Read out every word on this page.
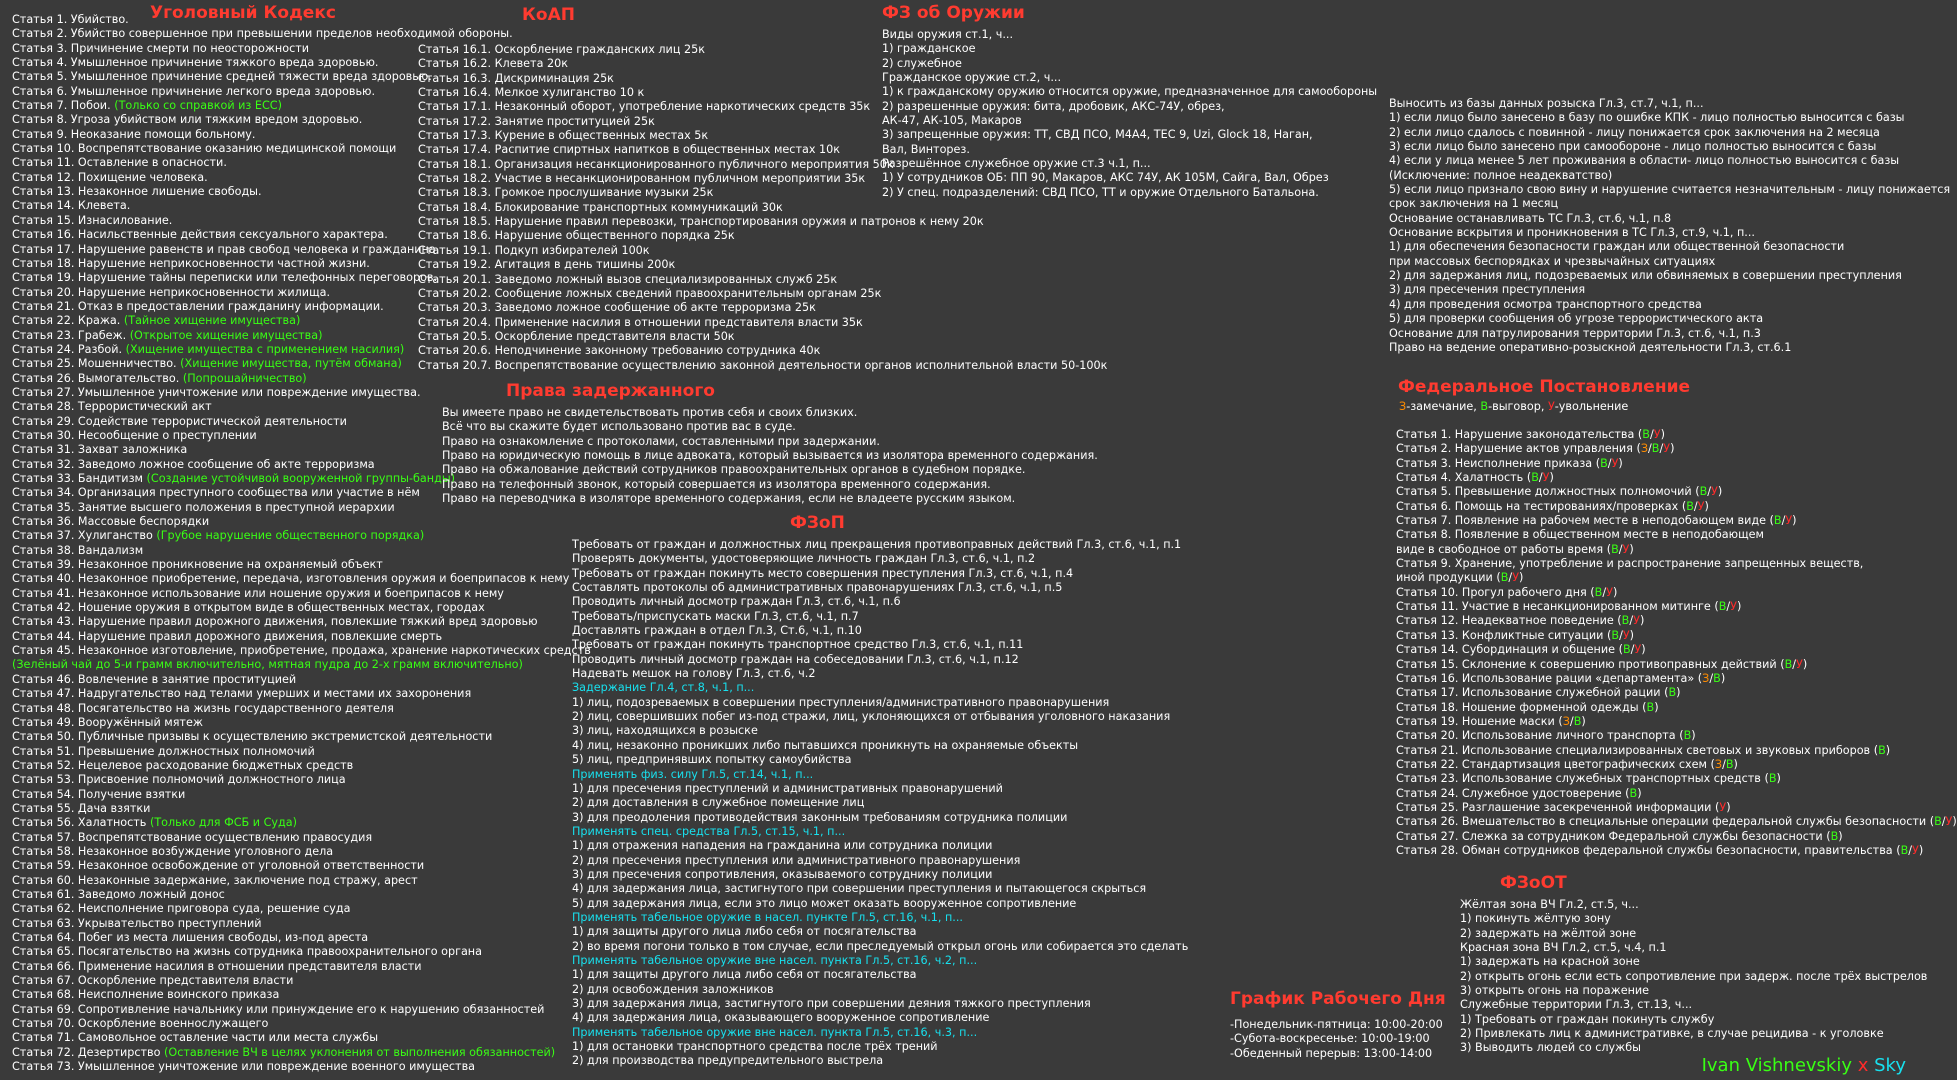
Уголовный Кодекс
Статья 1. Убийство.
Статья 2. Убийство совершенное при превышении пределов необходимой обороны.
Статья 3. Причинение смерти по неосторожности
Статья 4. Умышленное причинение тяжкого вреда здоровью.
Статья 5. Умышленное причинение средней тяжести вреда здоровью.
Статья 6. Умышленное причинение легкого вреда здоровью.
Статья 7. Побои. (Только со справкой из ЕСС)
Статья 8. Угроза убийством или тяжким вредом здоровью.
Статья 9. Неоказание помощи больному.
Статья 10. Воспрепятствование оказанию медицинской помощи
Статья 11. Оставление в опасности.
Статья 12. Похищение человека.
Статья 13. Незаконное лишение свободы.
Статья 14. Клевета.
Статья 15. Изнасилование.
Статья 16. Насильственные действия сексуального характера.
Статья 17. Нарушение равенств и прав свобод человека и гражданина.
Статья 18. Нарушение неприкосновенности частной жизни.
Статья 19. Нарушение тайны переписки или телефонных переговоров.
Статья 20. Нарушение неприкосновенности жилища.
Статья 21. Отказ в предоставлении гражданину информации.
Статья 22. Кража. (Тайное хищение имущества)
Статья 23. Грабеж. (Открытое хищение имущества)
Статья 24. Разбой. (Хищение имущества с применением насилия)
Статья 25. Мошенничество. (Хищение имущества, путём обмана)
Статья 26. Вымогательство. (Попрошайничество)
Статья 27. Умышленное уничтожение или повреждение имущества.
Статья 28. Террористический акт
Статья 29. Содействие террористической деятельности
Статья 30. Несообщение о преступлении
Статья 31. Захват заложника
Статья 32. Заведомо ложное сообщение об акте терроризма
Статья 33. Бандитизм (Создание устойчивой вооруженной группы-банды)
Статья 34. Организация преступного сообщества или участие в нём
Статья 35. Занятие высшего положения в преступной иерархии
Статья 36. Массовые беспорядки
Статья 37. Хулиганство (Грубое нарушение общественного порядка)
Статья 38. Вандализм
Статья 39. Незаконное проникновение на охраняемый объект
Статья 40. Незаконное приобретение, передача, изготовления оружия и боеприпасов к нему
Статья 41. Незаконное использование или ношение оружия и боеприпасов к нему
Статья 42. Ношение оружия в открытом виде в общественных местах, городах
Статья 43. Нарушение правил дорожного движения, повлекшие тяжкий вред здоровью
Статья 44. Нарушение правил дорожного движения, повлекшие смерть
Статья 45. Незаконное изготовление, приобретение, продажа, хранение наркотических средств
(Зелёный чай до 5-и грамм включительно, мятная пудра до 2-х грамм включительно)
Статья 46. Вовлечение в занятие проституцией
Статья 47. Надругательство над телами умерших и местами их захоронения
Статья 48. Посягательство на жизнь государственного деятеля
Статья 49. Вооружённый мятеж
Статья 50. Публичные призывы к осуществлению экстремистской деятельности
Статья 51. Превышение должностных полномочий
Статья 52. Нецелевое расходование бюджетных средств
Статья 53. Присвоение полномочий должностного лица
Статья 54. Получение взятки
Статья 55. Дача взятки
Статья 56. Халатность (Только для ФСБ и Суда)
Статья 57. Воспрепятствование осуществлению правосудия
Статья 58. Незаконное возбуждение уголовного дела
Статья 59. Незаконное освобождение от уголовной ответственности
Статья 60. Незаконные задержание, заключение под стражу, арест
Статья 61. Заведомо ложный донос
Статья 62. Неисполнение приговора суда, решение суда
Статья 63. Укрывательство преступлений
Статья 64. Побег из места лишения свободы, из-под ареста
Статья 65. Посягательство на жизнь сотрудника правоохранительного органа
Статья 66. Применение насилия в отношении представителя власти
Статья 67. Оскорбление представителя власти
Статья 68. Неисполнение воинского приказа
Статья 69. Сопротивление начальнику или принуждение его к нарушению обязанностей
Статья 70. Оскорбление военнослужащего
Статья 71. Самовольное оставление части или места службы
Статья 72. Дезертирство (Оставление ВЧ в целях уклонения от выполнения обязанностей)
Статья 73. Умышленное уничтожение или повреждение военного имущества
КоАП
Статья 16.1. Оскорбление гражданских лиц 25к
Статья 16.2. Клевета 20к
Статья 16.3. Дискриминация 25к
Статья 16.4. Мелкое хулиганство 10 к
Статья 17.1. Незаконный оборот, употребление наркотических средств 35к
Статья 17.2. Занятие проституцией 25к
Статья 17.3. Курение в общественных местах 5к
Статья 17.4. Распитие спиртных напитков в общественных местах 10к
Статья 18.1. Организация несанкционированного публичного мероприятия 50к
Статья 18.2. Участие в несанкционированном публичном мероприятии 35к
Статья 18.3. Громкое прослушивание музыки 25к
Статья 18.4. Блокирование транспортных коммуникаций 30к
Статья 18.5. Нарушение правил перевозки, транспортирования оружия и патронов к нему 20к
Статья 18.6. Нарушение общественного порядка 25к
Статья 19.1. Подкуп избирателей 100к
Статья 19.2. Агитация в день тишины 200к
Статья 20.1. Заведомо ложный вызов специализированных служб 25к
Статья 20.2. Сообщение ложных сведений правоохранительным органам 25к
Статья 20.3. Заведомо ложное сообщение об акте терроризма 25к
Статья 20.4. Применение насилия в отношении представителя власти 35к
Статья 20.5. Оскорбление представителя власти 50к
Статья 20.6. Неподчинение законному требованию сотрудника 40к
Статья 20.7. Воспрепятствование осуществлению законной деятельности органов исполнительной власти 50-100к
ФЗ об Оружии
Виды оружия ст.1, ч...
1) гражданское
2) служебное
Гражданское оружие ст.2, ч...
1) к гражданскому оружию относится оружие, предназначенное для самообороны
2) разрешенные оружия: бита, дробовик, АКС-74У, обрез,
АК-47, АК-105, Макаров
3) запрещенные оружия: ТТ, СВД ПСО, М4А4, TEC 9, Uzi, Glock 18, Наган,
Вал, Винторез.
Разрешённое служебное оружие ст.3 ч.1, п...
1) У сотрудников ОБ: ПП 90, Макаров, АКС 74У, АК 105М, Сайга, Вал, Обрез
2) У спец. подразделений: СВД ПСО, ТТ и оружие Отдельного Батальона.
Права задержанного
Вы имеете право не свидетельствовать против себя и своих близких.
Всё что вы скажите будет использовано против вас в суде.
Право на ознакомление с протоколами, составленными при задержании.
Право на юридическую помощь в лице адвоката, который вызывается из изолятора временного содержания.
Право на обжалование действий сотрудников правоохранительных органов в судебном порядке.
Право на телефонный звонок, который совершается из изолятора временного содержания.
Право на переводчика в изоляторе временного содержания, если не владеете русским языком.
ФЗоП
Требовать от граждан и должностных лиц прекращения противоправных действий Гл.3, ст.6, ч.1, п.1
Проверять документы, удостоверяющие личность граждан Гл.3, ст.6, ч.1, п.2
Требовать от граждан покинуть место совершения преступления Гл.3, ст.6, ч.1, п.4
Составлять протоколы об административных правонарушениях Гл.3, ст.6, ч.1, п.5
Проводить личный досмотр граждан Гл.3, ст.6, ч.1, п.6
Требовать/приспускать маски Гл.3, ст.6, ч.1, п.7
Доставлять граждан в отдел Гл.3, Ст.6, ч.1, п.10
Требовать от граждан покинуть транспортное средство Гл.3, ст.6, ч.1, п.11
Проводить личный досмотр граждан на собеседовании Гл.3, ст.6, ч.1, п.12
Надевать мешок на голову Гл.3, ст.6, ч.2
Задержание Гл.4, ст.8, ч.1, п...
1) лиц, подозреваемых в совершении преступления/административного правонарушения
2) лиц, совершивших побег из-под стражи, лиц, уклоняющихся от отбывания уголовного наказания
3) лиц, находящихся в розыске
4) лиц, незаконно проникших либо пытавшихся проникнуть на охраняемые объекты
5) лиц, предпринявших попытку самоубийства
Применять физ. силу Гл.5, ст.14, ч.1, п...
1) для пресечения преступлений и административных правонарушений
2) для доставления в служебное помещение лиц
3) для преодоления противодействия законным требованиям сотрудника полиции
Применять спец. средства Гл.5, ст.15, ч.1, п...
1) для отражения нападения на гражданина или сотрудника полиции
2) для пресечения преступления или административного правонарушения
3) для пресечения сопротивления, оказываемого сотруднику полиции
4) для задержания лица, застигнутого при совершении преступления и пытающегося скрыться
5) для задержания лица, если это лицо может оказать вооруженное сопротивление
Применять табельное оружие в насел. пункте Гл.5, ст.16, ч.1, п...
1) для защиты другого лица либо себя от посягательства
2) во время погони только в том случае, если преследуемый открыл огонь или собирается это сделать
Применять табельное оружие вне насел. пункта Гл.5, ст.16, ч.2, п...
1) для защиты другого лица либо себя от посягательства
2) для освобождения заложников
3) для задержания лица, застигнутого при совершении деяния тяжкого преступления
4) для задержания лица, оказывающего вооруженное сопротивление
Применять табельное оружие вне насел. пункта Гл.5, ст.16, ч.3, п...
1) для остановки транспортного средства после трёх трений
2) для производства предупредительного выстрела
Выносить из базы данных розыска Гл.3, ст.7, ч.1, п...
1) если лицо было занесено в базу по ошибке КПК - лицо полностью выносится с базы
2) если лицо сдалось с повинной - лицу понижается срок заключения на 2 месяца
3) если лицо было занесено при самообороне - лицо полностью выносится с базы
4) если у лица менее 5 лет проживания в области- лицо полностью выносится с базы
(Исключение: полное неадекватство)
5) если лицо признало свою вину и нарушение считается незначительным - лицу понижается
срок заключения на 1 месяц
Основание останавливать ТС Гл.3, ст.6, ч.1, п.8
Основание вскрытия и проникновения в ТС Гл.3, ст.9, ч.1, п...
1) для обеспечения безопасности граждан или общественной безопасности
при массовых беспорядках и чрезвычайных ситуациях
2) для задержания лиц, подозреваемых или обвиняемых в совершении преступления
3) для пресечения преступления
4) для проведения осмотра транспортного средства
5) для проверки сообщения об угрозе террористического акта
Основание для патрулирования территории Гл.3, ст.6, ч.1, п.3
Право на ведение оперативно-розыскной деятельности Гл.3, ст.6.1
Федеральное Постановление
З-замечание, В-выговор, У-увольнение
Статья 1. Нарушение законодательства (В/У)
Статья 2. Нарушение актов управления (З/В/У)
Статья 3. Неисполнение приказа (В/У)
Статья 4. Халатность (В/У)
Статья 5. Превышение должностных полномочий (В/У)
Статья 6. Помощь на тестированиях/проверках (В/У)
Статья 7. Появление на рабочем месте в неподобающем виде (В/У)
Статья 8. Появление в общественном месте в неподобающем
виде в свободное от работы время (В/У)
Статья 9. Хранение, употребление и распространение запрещенных веществ,
иной продукции (В/У)
Статья 10. Прогул рабочего дня (В/У)
Статья 11. Участие в несанкционированном митинге (В/У)
Статья 12. Неадекватное поведение (В/У)
Статья 13. Конфликтные ситуации (В/У)
Статья 14. Субординация и общение (В/У)
Статья 15. Склонение к совершению противоправных действий (В/У)
Статья 16. Использование рации «департамента» (З/В)
Статья 17. Использование служебной рации (В)
Статья 18. Ношение форменной одежды (В)
Статья 19. Ношение маски (З/В)
Статья 20. Использование личного транспорта (В)
Статья 21. Использование специализированных световых и звуковых приборов (В)
Статья 22. Стандартизация цветографических схем (З/В)
Статья 23. Использование служебных транспортных средств (В)
Статья 24. Служебное удостоверение (В)
Статья 25. Разглашение засекреченной информации (У)
Статья 26. Вмешательство в специальные операции федеральной службы безопасности (В/У)
Статья 27. Слежка за сотрудником Федеральной службы безопасности (В)
Статья 28. Обман сотрудников федеральной службы безопасности, правительства (В/У)
График Рабочего Дня
-Понедельник-пятница: 10:00-20:00
-Субота-воскресенье: 10:00-19:00
-Обеденный перерыв: 13:00-14:00
ФЗоОТ
Жёлтая зона ВЧ Гл.2, ст.5, ч...
1) покинуть жёлтую зону
2) задержать на жёлтой зоне
Красная зона ВЧ Гл.2, ст.5, ч.4, п.1
1) задержать на красной зоне
2) открыть огонь если есть сопротивление при задерж. после трёх выстрелов
3) открыть огонь на поражение
Служебные территории Гл.3, ст.13, ч...
1) Требовать от граждан покинуть службу
2) Привлекать лиц к административке, в случае рецидива - к уголовке
3) Выводить людей со службы
Ivan Vishnevskiy x Sky
